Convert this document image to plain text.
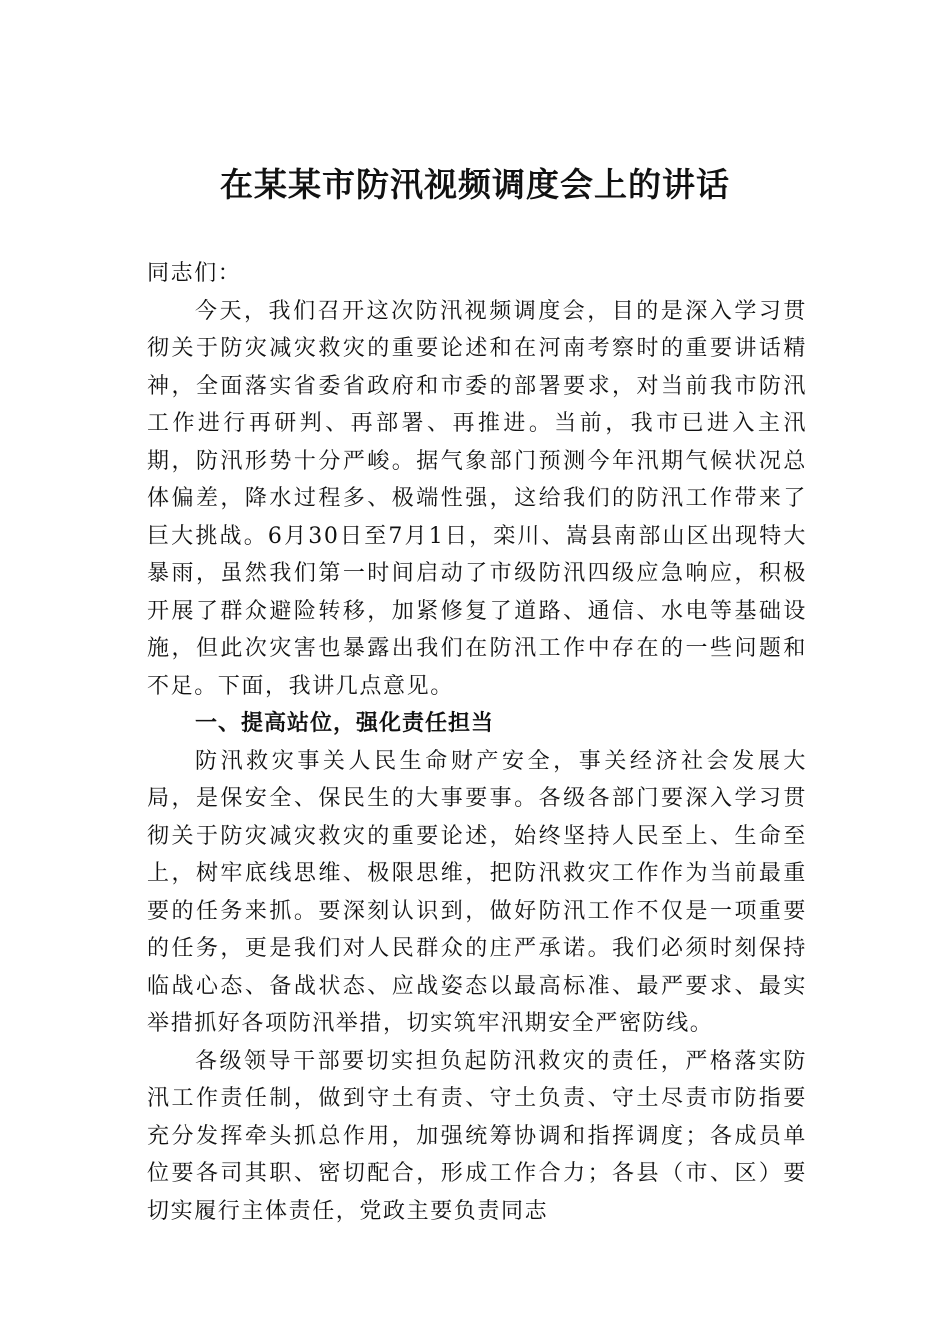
在某某市防汛视频调度会上的讲话

同志们：

今天，我们召开这次防汛视频调度会，目的是深入学习贯彻关于防灾减灾救灾的重要论述和在河南考察时的重要讲话精神，全面落实省委省政府和市委的部署要求，对当前我市防汛工作进行再研判、再部署、再推进。当前，我市已进入主汛期，防汛形势十分严峻。据气象部门预测今年汛期气候状况总体偏差，降水过程多、极端性强，这给我们的防汛工作带来了巨大挑战。6月30日至7月1日，栾川、嵩县南部山区出现特大暴雨，虽然我们第一时间启动了市级防汛四级应急响应，积极开展了群众避险转移，加紧修复了道路、通信、水电等基础设施，但此次灾害也暴露出我们在防汛工作中存在的一些问题和不足。下面，我讲几点意见。

一、提高站位，强化责任担当

防汛救灾事关人民生命财产安全，事关经济社会发展大局，是保安全、保民生的大事要事。各级各部门要深入学习贯彻关于防灾减灾救灾的重要论述，始终坚持人民至上、生命至上，树牢底线思维、极限思维，把防汛救灾工作作为当前最重要的任务来抓。要深刻认识到，做好防汛工作不仅是一项重要的任务，更是我们对人民群众的庄严承诺。我们必须时刻保持临战心态、备战状态、应战姿态以最高标准、最严要求、最实举措抓好各项防汛举措，切实筑牢汛期安全严密防线。

各级领导干部要切实担负起防汛救灾的责任，严格落实防汛工作责任制，做到守土有责、守土负责、守土尽责市防指要充分发挥牵头抓总作用，加强统筹协调和指挥调度；各成员单位要各司其职、密切配合，形成工作合力；各县（市、区）要切实履行主体责任，党政主要负责同志
